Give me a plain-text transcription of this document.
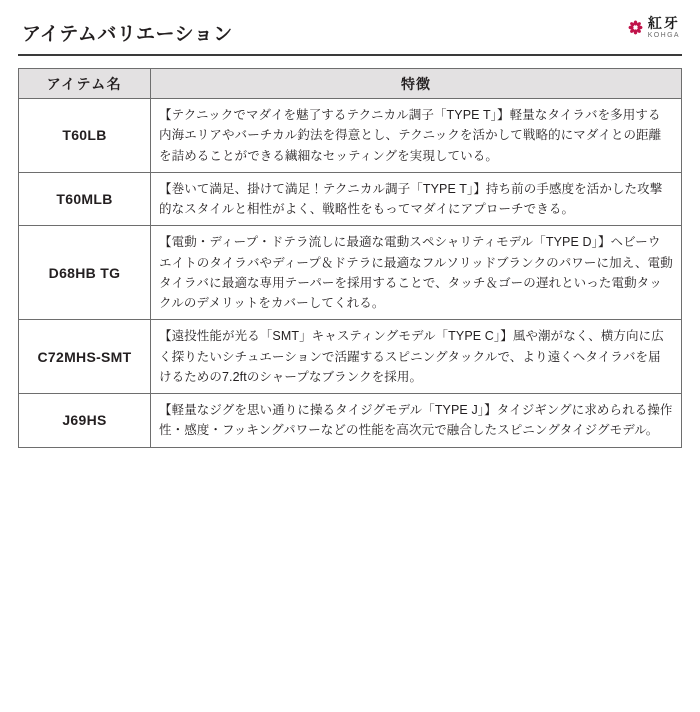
アイテムバリエーション
紅牙
KOHGA
アイテム名	特徴
T60LB	【テクニックでマダイを魅了するテクニカル調子「TYPE T」】軽量なタイラバを多用する内海エリアやバーチカル釣法を得意とし、テクニックを活かして戦略的にマダイとの距離を詰めることができる繊細なセッティングを実現している。
T60MLB	【巻いて満足、掛けて満足！テクニカル調子「TYPE T」】持ち前の手感度を活かした攻撃的なスタイルと相性がよく、戦略性をもってマダイにアプローチできる。
D68HB TG	【電動・ディープ・ドテラ流しに最適な電動スペシャリティモデル「TYPE D」】ヘビーウエイトのタイラバやディープ＆ドテラに最適なフルソリッドブランクのパワーに加え、電動タイラバに最適な専用テーパーを採用することで、タッチ＆ゴーの遅れといった電動タックルのデメリットをカバーしてくれる。
C72MHS-SMT	【遠投性能が光る「SMT」キャスティングモデル「TYPE C」】風や潮がなく、横方向に広く探りたいシチュエーションで活躍するスピニングタックルで、より遠くヘタイラバを届けるための7.2ftのシャープなブランクを採用。
J69HS	【軽量なジグを思い通りに操るタイジグモデル「TYPE J」】タイジギングに求められる操作性・感度・フッキングパワーなどの性能を高次元で融合したスピニングタイジグモデル。
